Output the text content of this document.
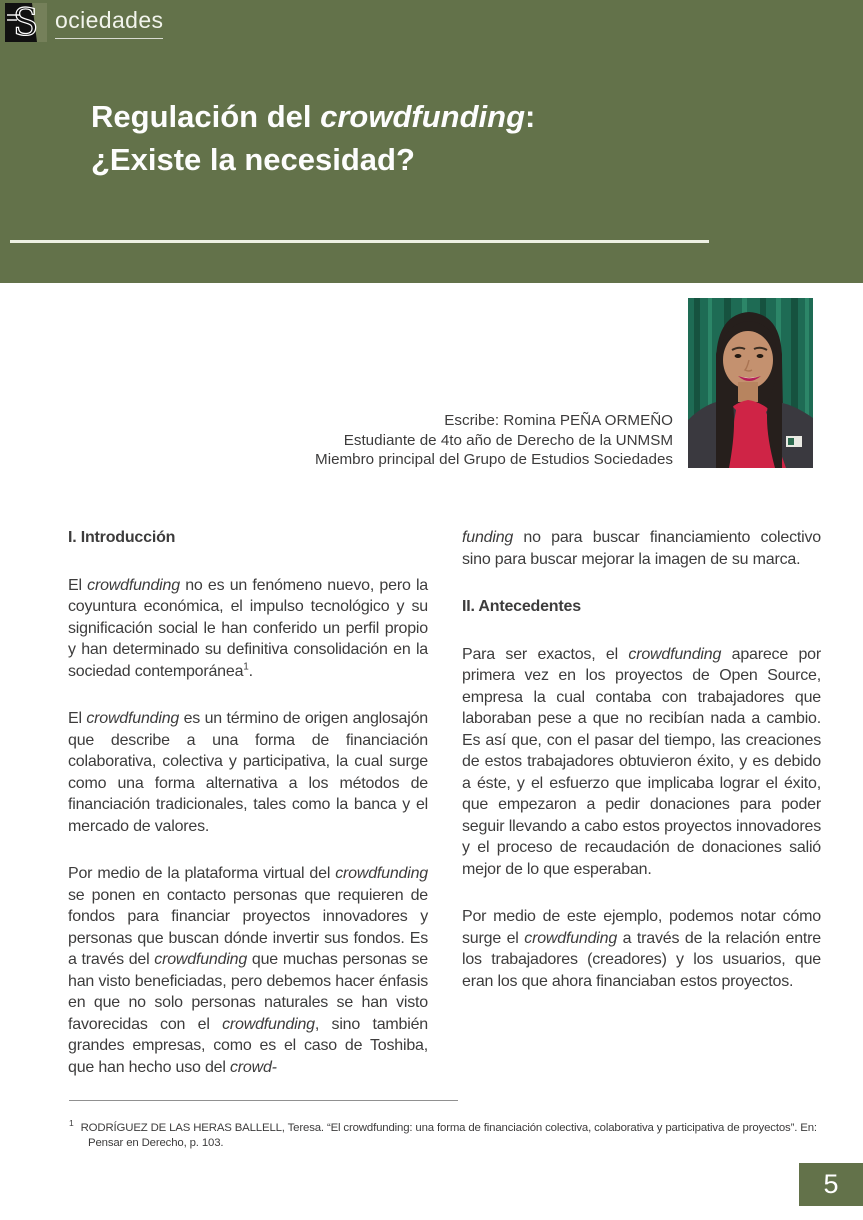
S ociedades
Regulación del crowdfunding:
¿Existe la necesidad?
Escribe: Romina PEÑA ORMEÑO
Estudiante de 4to año de Derecho de la UNMSM
Miembro principal del Grupo de Estudios Sociedades
I. Introducción
El crowdfunding no es un fenómeno nuevo, pero la coyuntura económica, el impulso tecnológico y su significación social le han conferido un perfil propio y han determinado su definitiva consolidación en la sociedad contemporánea$^1$.
El crowdfunding es un término de origen anglosajón que describe a una forma de financiación colaborativa, colectiva y participativa, la cual surge como una forma alternativa a los métodos de financiación tradicionales, tales como la banca y el mercado de valores.
Por medio de la plataforma virtual del crowdfunding se ponen en contacto personas que requieren de fondos para financiar proyectos innovadores y personas que buscan dónde invertir sus fondos. Es a través del crowdfunding que muchas personas se han visto beneficiadas, pero debemos hacer énfasis en que no solo personas naturales se han visto favorecidas con el crowdfunding, sino también grandes empresas, como es el caso de Toshiba, que han hecho uso del crowd-
funding no para buscar financiamiento colectivo sino para buscar mejorar la imagen de su marca.
II. Antecedentes
Para ser exactos, el crowdfunding aparece por primera vez en los proyectos de Open Source, empresa la cual contaba con trabajadores que laboraban pese a que no recibían nada a cambio. Es así que, con el pasar del tiempo, las creaciones de estos trabajadores obtuvieron éxito, y es debido a éste, y el esfuerzo que implicaba lograr el éxito, que empezaron a pedir donaciones para poder seguir llevando a cabo estos proyectos innovadores y el proceso de recaudación de donaciones salió mejor de lo que esperaban.
Por medio de este ejemplo, podemos notar cómo surge el crowdfunding a través de la relación entre los trabajadores (creadores) y los usuarios, que eran los que ahora financiaban estos proyectos.
$^1$ RODRÍGUEZ DE LAS HERAS BALLELL, Teresa. “El crowdfunding: una forma de financiación colectiva, colaborativa y participativa de proyectos”. En: Pensar en Derecho, p. 103.
5
